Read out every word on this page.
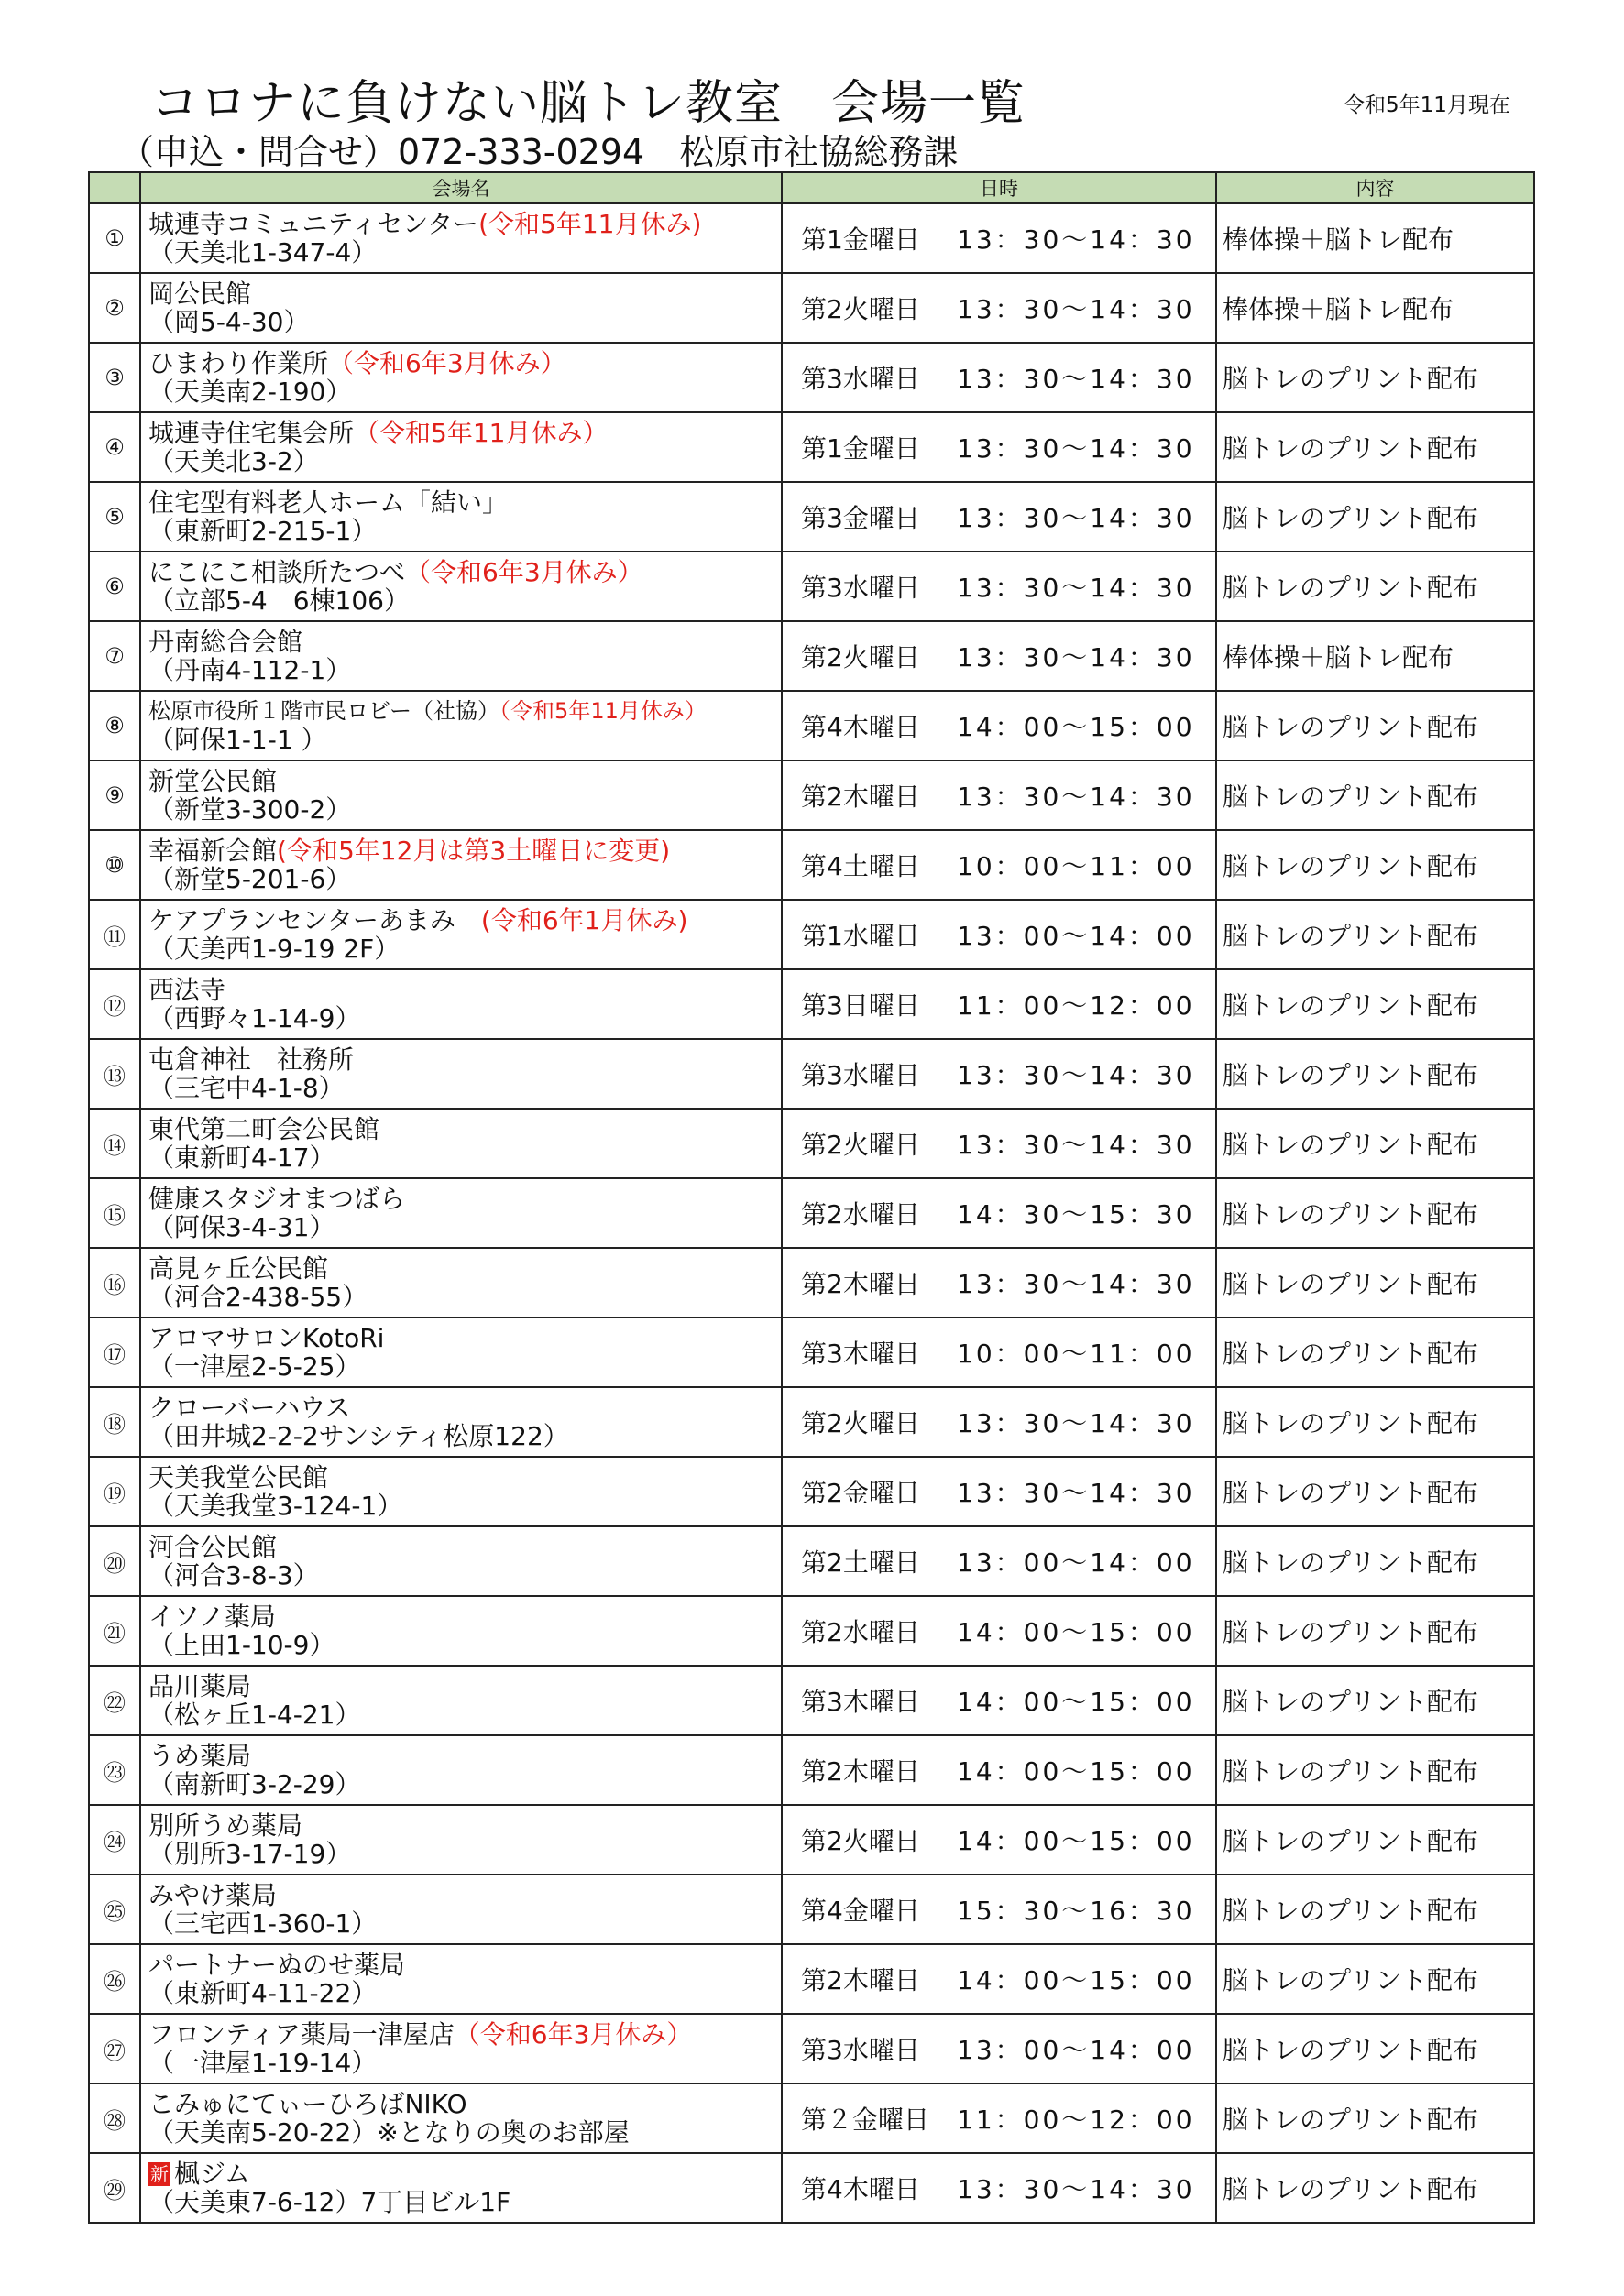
コロナに負けない脳トレ教室　会場一覧
（申込・問合せ）072-333-0294　松原市社協総務課
令和5年11月現在
	会場名	日時	内容
①	城連寺コミュニティセンター(令和5年11月休み)
（天美北1-347-4）	第1金曜日 13：30～14：30	棒体操＋脳トレ配布
②	岡公民館
（岡5-4-30）	第2火曜日 13：30～14：30	棒体操＋脳トレ配布
③	ひまわり作業所（令和6年3月休み）
（天美南2-190）	第3水曜日 13：30～14：30	脳トレのプリント配布
④	城連寺住宅集会所（令和5年11月休み）
（天美北3-2）	第1金曜日 13：30～14：30	脳トレのプリント配布
⑤	住宅型有料老人ホーム「結い」
（東新町2-215-1）	第3金曜日 13：30～14：30	脳トレのプリント配布
⑥	にこにこ相談所たつべ（令和6年3月休み）
（立部5-4　6棟106）	第3水曜日 13：30～14：30	脳トレのプリント配布
⑦	丹南総合会館
（丹南4-112-1）	第2火曜日 13：30～14：30	棒体操＋脳トレ配布
⑧	松原市役所１階市民ロビー（社協）（令和5年11月休み）
（阿保1-1-1 ）	第4木曜日 14：00～15：00	脳トレのプリント配布
⑨	新堂公民館
（新堂3-300-2）	第2木曜日 13：30～14：30	脳トレのプリント配布
⑩	幸福新会館(令和5年12月は第3土曜日に変更)
（新堂5-201-6）	第4土曜日 10：00～11：00	脳トレのプリント配布
⑪	ケアプランセンターあまみ　(令和6年1月休み)
（天美西1-9-19 2F）	第1水曜日 13：00～14：00	脳トレのプリント配布
⑫	西法寺
（西野々1-14-9）	第3日曜日 11：00～12：00	脳トレのプリント配布
⑬	屯倉神社　社務所
（三宅中4-1-8）	第3水曜日 13：30～14：30	脳トレのプリント配布
⑭	東代第二町会公民館
（東新町4-17）	第2火曜日 13：30～14：30	脳トレのプリント配布
⑮	健康スタジオまつばら
（阿保3-4-31）	第2水曜日 14：30～15：30	脳トレのプリント配布
⑯	高見ヶ丘公民館
（河合2-438-55）	第2木曜日 13：30～14：30	脳トレのプリント配布
⑰	アロマサロンKotoRi
（一津屋2-5-25）	第3木曜日 10：00～11：00	脳トレのプリント配布
⑱	クローバーハウス
（田井城2-2-2サンシティ松原122）	第2火曜日 13：30～14：30	脳トレのプリント配布
⑲	天美我堂公民館
（天美我堂3-124-1）	第2金曜日 13：30～14：30	脳トレのプリント配布
⑳	河合公民館
（河合3-8-3）	第2土曜日 13：00～14：00	脳トレのプリント配布
㉑	イソノ薬局
（上田1-10-9）	第2水曜日 14：00～15：00	脳トレのプリント配布
㉒	品川薬局
（松ヶ丘1-4-21）	第3木曜日 14：00～15：00	脳トレのプリント配布
㉓	うめ薬局
（南新町3-2-29）	第2木曜日 14：00～15：00	脳トレのプリント配布
㉔	別所うめ薬局
（別所3-17-19）	第2火曜日 14：00～15：00	脳トレのプリント配布
㉕	みやけ薬局
（三宅西1-360-1）	第4金曜日 15：30～16：30	脳トレのプリント配布
㉖	パートナーぬのせ薬局
（東新町4-11-22）	第2木曜日 14：00～15：00	脳トレのプリント配布
㉗	フロンティア薬局一津屋店（令和6年3月休み）
（一津屋1-19-14）	第3水曜日 13：00～14：00	脳トレのプリント配布
㉘	こみゅにてぃーひろばNIKO
（天美南5-20-22）※となりの奥のお部屋	第２金曜日 11：00～12：00	脳トレのプリント配布
㉙	新 楓ジム
（天美東7-6-12）7丁目ビル1F	第4木曜日 13：30～14：30	脳トレのプリント配布
